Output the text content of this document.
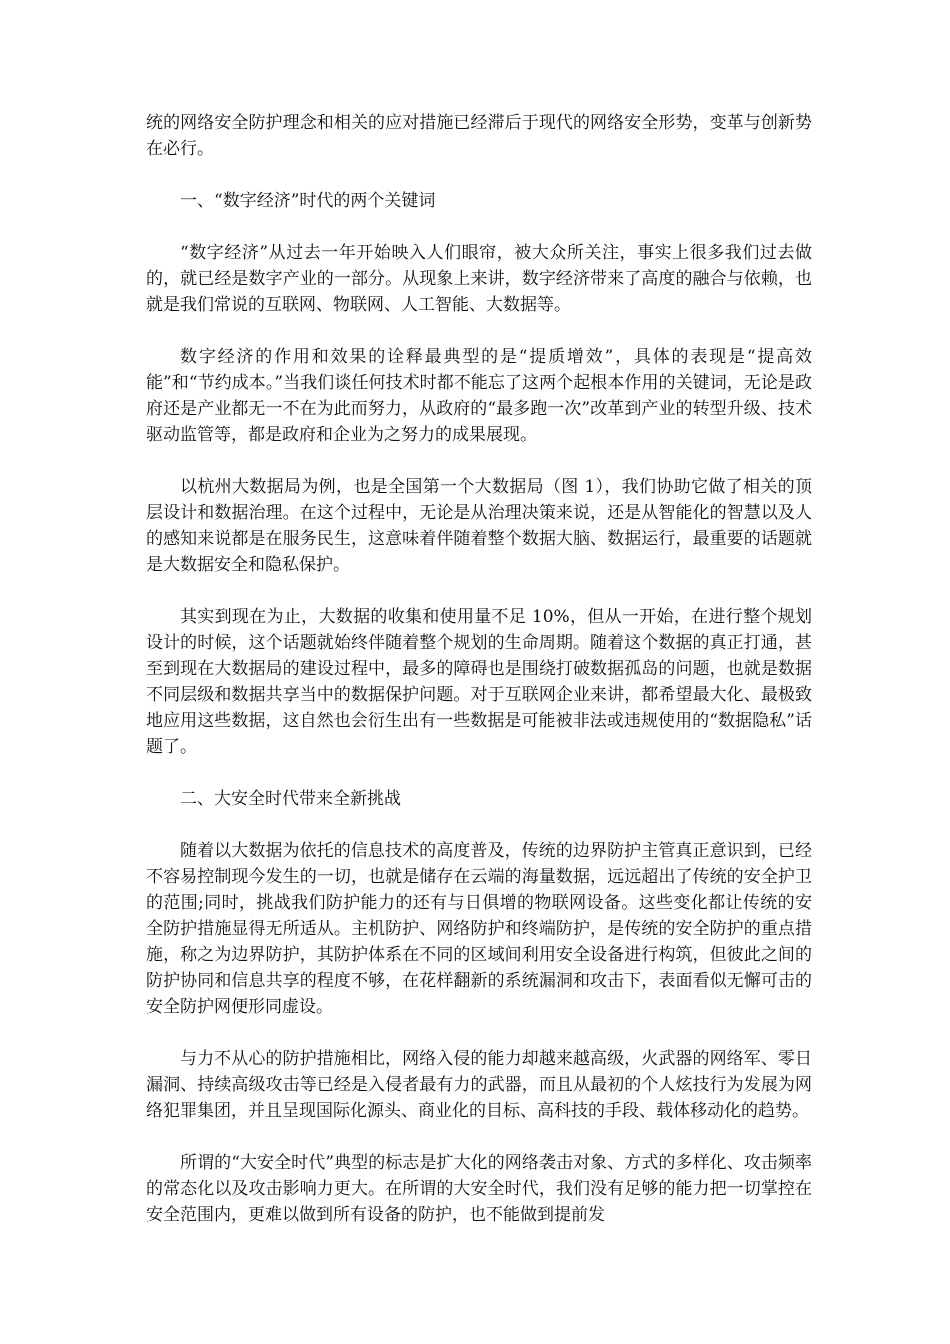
统的网络安全防护理念和相关的应对措施已经滞后于现代的网络安全形势，变革与创新势在必行。

一、“数字经济”时代的两个关键词

“数字经济”从过去一年开始映入人们眼帘，被大众所关注，事实上很多我们过去做的，就已经是数字产业的一部分。从现象上来讲，数字经济带来了高度的融合与依赖，也就是我们常说的互联网、物联网、人工智能、大数据等。

数字经济的作用和效果的诠释最典型的是“提质增效”，具体的表现是“提高效能”和“节约成本。”当我们谈任何技术时都不能忘了这两个起根本作用的关键词，无论是政府还是产业都无一不在为此而努力，从政府的“最多跑一次”改革到产业的转型升级、技术驱动监管等，都是政府和企业为之努力的成果展现。

以杭州大数据局为例，也是全国第一个大数据局（图 1），我们协助它做了相关的顶层设计和数据治理。在这个过程中，无论是从治理决策来说，还是从智能化的智慧以及人的感知来说都是在服务民生，这意味着伴随着整个数据大脑、数据运行，最重要的话题就是大数据安全和隐私保护。

其实到现在为止，大数据的收集和使用量不足 10%，但从一开始，在进行整个规划设计的时候，这个话题就始终伴随着整个规划的生命周期。随着这个数据的真正打通，甚至到现在大数据局的建设过程中，最多的障碍也是围绕打破数据孤岛的问题，也就是数据不同层级和数据共享当中的数据保护问题。对于互联网企业来讲，都希望最大化、最极致地应用这些数据，这自然也会衍生出有一些数据是可能被非法或违规使用的“数据隐私”话题了。

二、大安全时代带来全新挑战

随着以大数据为依托的信息技术的高度普及，传统的边界防护主管真正意识到，已经不容易控制现今发生的一切，也就是储存在云端的海量数据，远远超出了传统的安全护卫的范围;同时，挑战我们防护能力的还有与日俱增的物联网设备。这些变化都让传统的安全防护措施显得无所适从。主机防护、网络防护和终端防护，是传统的安全防护的重点措施，称之为边界防护，其防护体系在不同的区域间利用安全设备进行构筑，但彼此之间的防护协同和信息共享的程度不够，在花样翻新的系统漏洞和攻击下，表面看似无懈可击的安全防护网便形同虚设。

与力不从心的防护措施相比，网络入侵的能力却越来越高级，火武器的网络军、零日漏洞、持续高级攻击等已经是入侵者最有力的武器，而且从最初的个人炫技行为发展为网络犯罪集团，并且呈现国际化源头、商业化的目标、高科技的手段、载体移动化的趋势。

所谓的“大安全时代”典型的标志是扩大化的网络袭击对象、方式的多样化、攻击频率的常态化以及攻击影响力更大。在所谓的大安全时代，我们没有足够的能力把一切掌控在安全范围内，更难以做到所有设备的防护，也不能做到提前发
